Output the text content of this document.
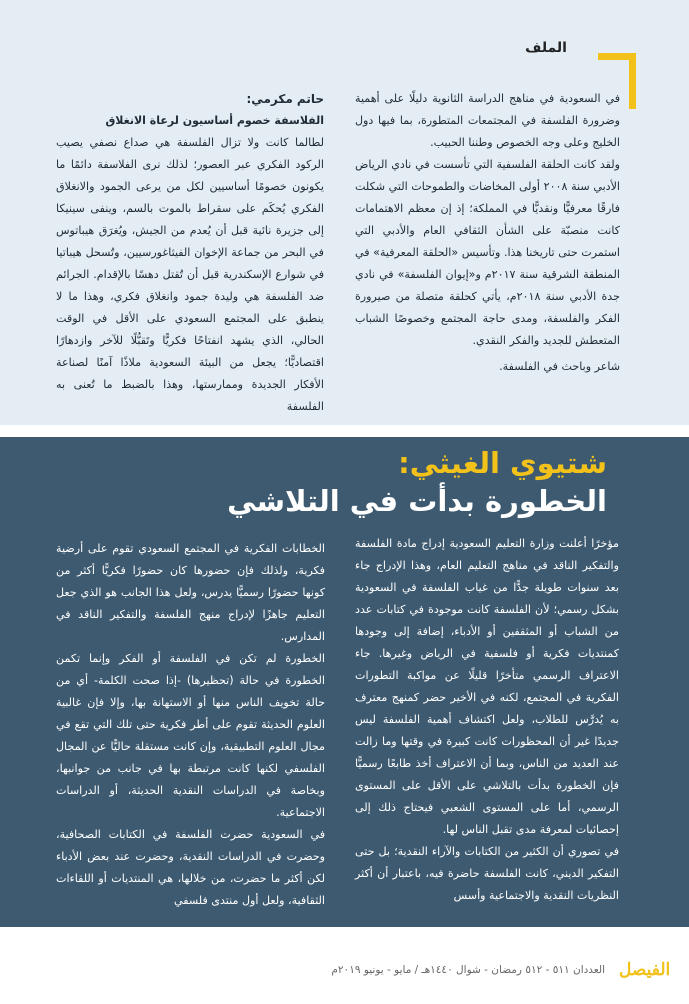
الملف

في السعودية في مناهج الدراسة الثانوية دليلًا على أهمية وضرورة الفلسفة في المجتمعات المتطورة، بما فيها دول الخليج وعلى وجه الخصوص وطننا الحبيب.

ولقد كانت الحلقة الفلسفية التي تأسست في نادي الرياض الأدبي سنة ٢٠٠٨ أولى المخاضات والطموحات التي شكلت فارقًا معرفيًّا ونقديًّا في المملكة؛ إذ إن معظم الاهتمامات كانت منصبّة على الشأن الثقافي العام والأدبي التي استمرت حتى تاريخنا هذا. وتأسيس «الحلقة المعرفية» في المنطقة الشرقية سنة ٢٠١٧م و«إيوان الفلسفة» في نادي جدة الأدبي سنة ٢٠١٨م، يأتي كحلقة متصلة من صيرورة الفكر والفلسفة، ومدى حاجة المجتمع وخصوصًا الشباب المتعطش للجديد والفكر النقدي.

شاعر وباحث في الفلسفة.

حاتم مكرمي:

الفلاسفة خصوم أساسيون لرعاة الانغلاق

لطالما كانت ولا تزال الفلسفة هي صداع نصفي يصيب الركود الفكري عبر العصور؛ لذلك نرى الفلاسفة دائمًا ما يكونون خصومًا أساسيين لكل من يرعى الجمود والانغلاق الفكري يُحكَم على سقراط بالموت بالسم، وينفى سينيكا إلى جزيرة نائية قبل أن يُعدم من الجيش، ويُغرَق هيباتوس في البحر من جماعة الإخوان الفيثاغورسيين، وتُسحل هيباتيا في شوارع الإسكندرية قبل أن تُقتل دهسًا بالإقدام. الجرائم ضد الفلسفة هي وليدة جمود وانغلاق فكري، وهذا ما لا ينطبق على المجتمع السعودي على الأقل في الوقت الحالي، الذي يشهد انفتاحًا فكريًّا وتَقبُّلًا للآخر وازدهارًا اقتصاديًّا؛ يجعل من البيئة السعودية ملاذًا آمنًا لصناعة الأفكار الجديدة وممارستها، وهذا بالضبط ما تُعنى به الفلسفة

شتيوي الغيثي:
الخطورة بدأت في التلاشي	٤٠

مؤخرًا أعلنت وزارة التعليم السعودية إدراج مادة الفلسفة والتفكير الناقد في مناهج التعليم العام، وهذا الإدراج جاء بعد سنوات طويلة جدًّا من غياب الفلسفة في السعودية بشكل رسمي؛ لأن الفلسفة كانت موجودة في كتابات عدد من الشباب أو المثقفين أو الأدباء، إضافة إلى وجودها كمنتديات فكرية أو فلسفية في الرياض وغيرها. جاء الاعتراف الرسمي متأخرًا قليلًا عن مواكبة التطورات الفكرية في المجتمع، لكنه في الأخير حضر كمنهج معترف به يُدرَّس للطلاب، ولعل اكتشاف أهمية الفلسفة ليس جديدًا غير أن المحظورات كانت كبيرة في وقتها وما زالت عند العديد من الناس، وبما أن الاعتراف أخذ طابعًا رسميًّا فإن الخطورة بدأت بالتلاشي على الأقل على المستوى الرسمي، أما على المستوى الشعبي فيحتاج ذلك إلى إحصائيات لمعرفة مدى تقبل الناس لها.

في تصوري أن الكثير من الكتابات والآراء النقدية؛ بل حتى التفكير الديني، كانت الفلسفة حاضرة فيه، باعتبار أن أكثر النظريات النقدية والاجتماعية وأسس

الخطابات الفكرية في المجتمع السعودي تقوم على أرضية فكرية، ولذلك فإن حضورها كان حضورًا فكريًّا أكثر من كونها حضورًا رسميًّا يدرس، ولعل هذا الجانب هو الذي جعل التعليم جاهزًا لإدراج منهج الفلسفة والتفكير الناقد في المدارس.

الخطورة لم تكن في الفلسفة أو الفكر وإنما تكمن الخطورة في حالة (تحظيرها) -إذا صحت الكلمة- أي من حالة تخويف الناس منها أو الاستهانة بها، وإلا فإن غالبية العلوم الحديثة تقوم على أطر فكرية حتى تلك التي تقع في مجال العلوم التطبيقية، وإن كانت مستقلة حاليًّا عن المجال الفلسفي لكنها كانت مرتبطة بها في جانب من جوانبها، وبخاصة في الدراسات النقدية الحديثة، أو الدراسات الاجتماعية.

في السعودية حضرت الفلسفة في الكتابات الصحافية، وحضرت في الدراسات النقدية، وحضرت عند بعض الأدباء لكن أكثر ما حضرت، من خلالها، هي المنتديات أو اللقاءات الثقافية، ولعل أول منتدى فلسفي

الفيصل
العددان ٥١١ - ٥١٢ رمضان - شوال ١٤٤٠هـ / مايو - يونيو ٢٠١٩م
